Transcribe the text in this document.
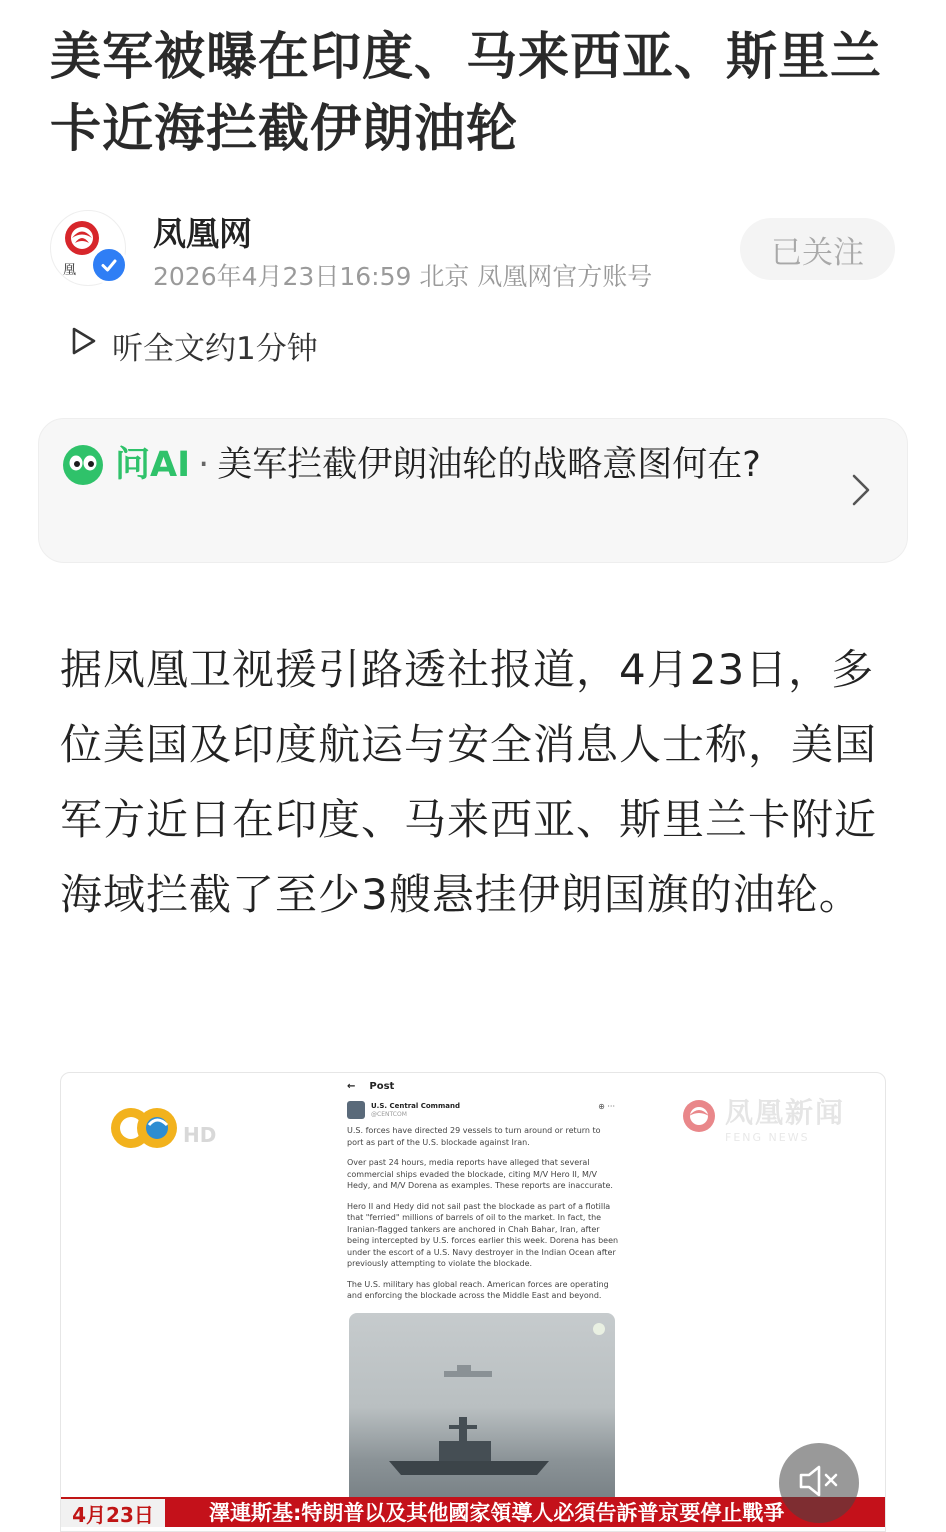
美军被曝在印度、马来西亚、斯里兰卡近海拦截伊朗油轮
凰
凤凰网
2026年4月23日16:59 北京 凤凰网官方账号
已关注
听全文约1分钟
问AI · 美军拦截伊朗油轮的战略意图何在?

据凤凰卫视援引路透社报道，4月23日，多位美国及印度航运与安全消息人士称，美国军方近日在印度、马来西亚、斯里兰卡附近海域拦截了至少3艘悬挂伊朗国旗的油轮。

HD
凤凰新闻
FENG NEWS
← Post
U.S. Central Command
@CENTCOM
⊕ ···

U.S. forces have directed 29 vessels to turn around or return to port as part of the U.S. blockade against Iran.

Over past 24 hours, media reports have alleged that several commercial ships evaded the blockade, citing M/V Hero II, M/V Hedy, and M/V Dorena as examples. These reports are inaccurate.

Hero II and Hedy did not sail past the blockade as part of a flotilla that "ferried" millions of barrels of oil to the market. In fact, the Iranian-flagged tankers are anchored in Chah Bahar, Iran, after being intercepted by U.S. forces earlier this week. Dorena has been under the escort of a U.S. Navy destroyer in the Indian Ocean after previously attempting to violate the blockade.

The U.S. military has global reach. American forces are operating and enforcing the blockade across the Middle East and beyond.

4月23日	澤連斯基:特朗普以及其他國家領導人必須告訴普京要停止戰爭
